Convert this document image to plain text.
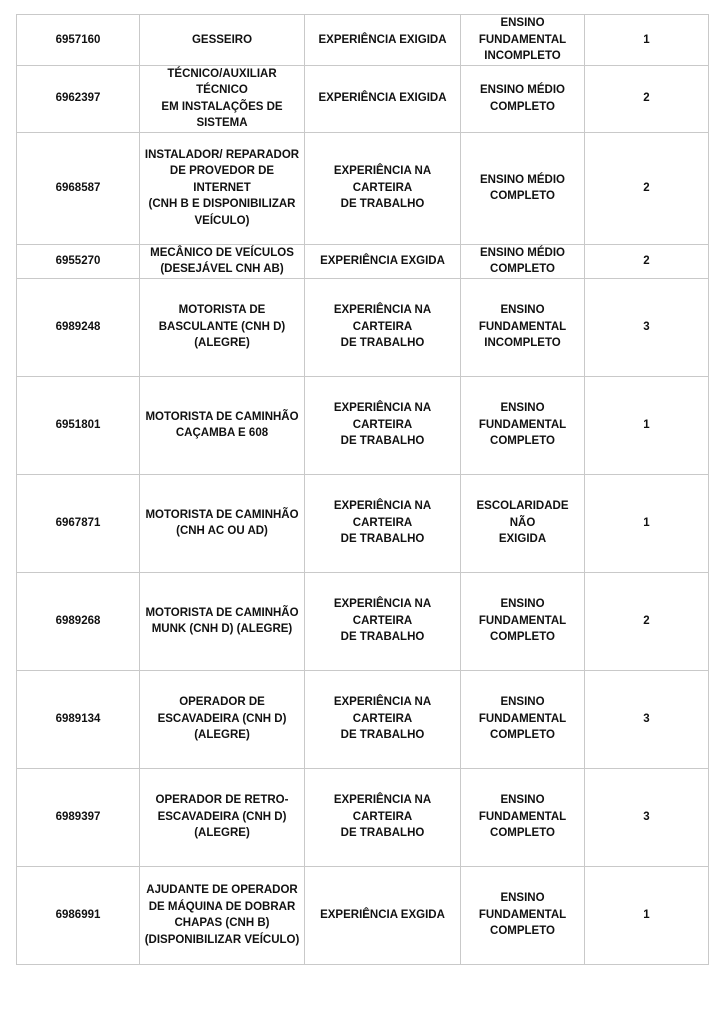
6957160	GESSEIRO	EXPERIÊNCIA EXIGIDA	ENSINO
FUNDAMENTAL
INCOMPLETO	1
6962397	TÉCNICO/AUXILIAR TÉCNICO
EM INSTALAÇÕES DE
SISTEMA	EXPERIÊNCIA EXIGIDA	ENSINO MÉDIO
COMPLETO	2
6968587	INSTALADOR/ REPARADOR
DE PROVEDOR DE INTERNET
(CNH B E DISPONIBILIZAR
VEÍCULO)	EXPERIÊNCIA NA CARTEIRA
DE TRABALHO	ENSINO MÉDIO
COMPLETO	2
6955270	MECÂNICO DE VEÍCULOS
(DESEJÁVEL CNH AB)	EXPERIÊNCIA EXGIDA	ENSINO MÉDIO
COMPLETO	2
6989248	MOTORISTA DE
BASCULANTE (CNH D)
(ALEGRE)	EXPERIÊNCIA NA CARTEIRA
DE TRABALHO	ENSINO
FUNDAMENTAL
INCOMPLETO	3
6951801	MOTORISTA DE CAMINHÃO
CAÇAMBA E 608	EXPERIÊNCIA NA CARTEIRA
DE TRABALHO	ENSINO
FUNDAMENTAL
COMPLETO	1
6967871	MOTORISTA DE CAMINHÃO
(CNH AC OU AD)	EXPERIÊNCIA NA CARTEIRA
DE TRABALHO	ESCOLARIDADE NÃO
EXIGIDA	1
6989268	MOTORISTA DE CAMINHÃO
MUNK (CNH D) (ALEGRE)	EXPERIÊNCIA NA CARTEIRA
DE TRABALHO	ENSINO
FUNDAMENTAL
COMPLETO	2
6989134	OPERADOR DE
ESCAVADEIRA (CNH D)
(ALEGRE)	EXPERIÊNCIA NA CARTEIRA
DE TRABALHO	ENSINO
FUNDAMENTAL
COMPLETO	3
6989397	OPERADOR DE RETRO-
ESCAVADEIRA (CNH D)
(ALEGRE)	EXPERIÊNCIA NA CARTEIRA
DE TRABALHO	ENSINO
FUNDAMENTAL
COMPLETO	3
6986991	AJUDANTE DE OPERADOR
DE MÁQUINA DE DOBRAR
CHAPAS (CNH B)
(DISPONIBILIZAR VEÍCULO)	EXPERIÊNCIA EXGIDA	ENSINO
FUNDAMENTAL
COMPLETO	1
